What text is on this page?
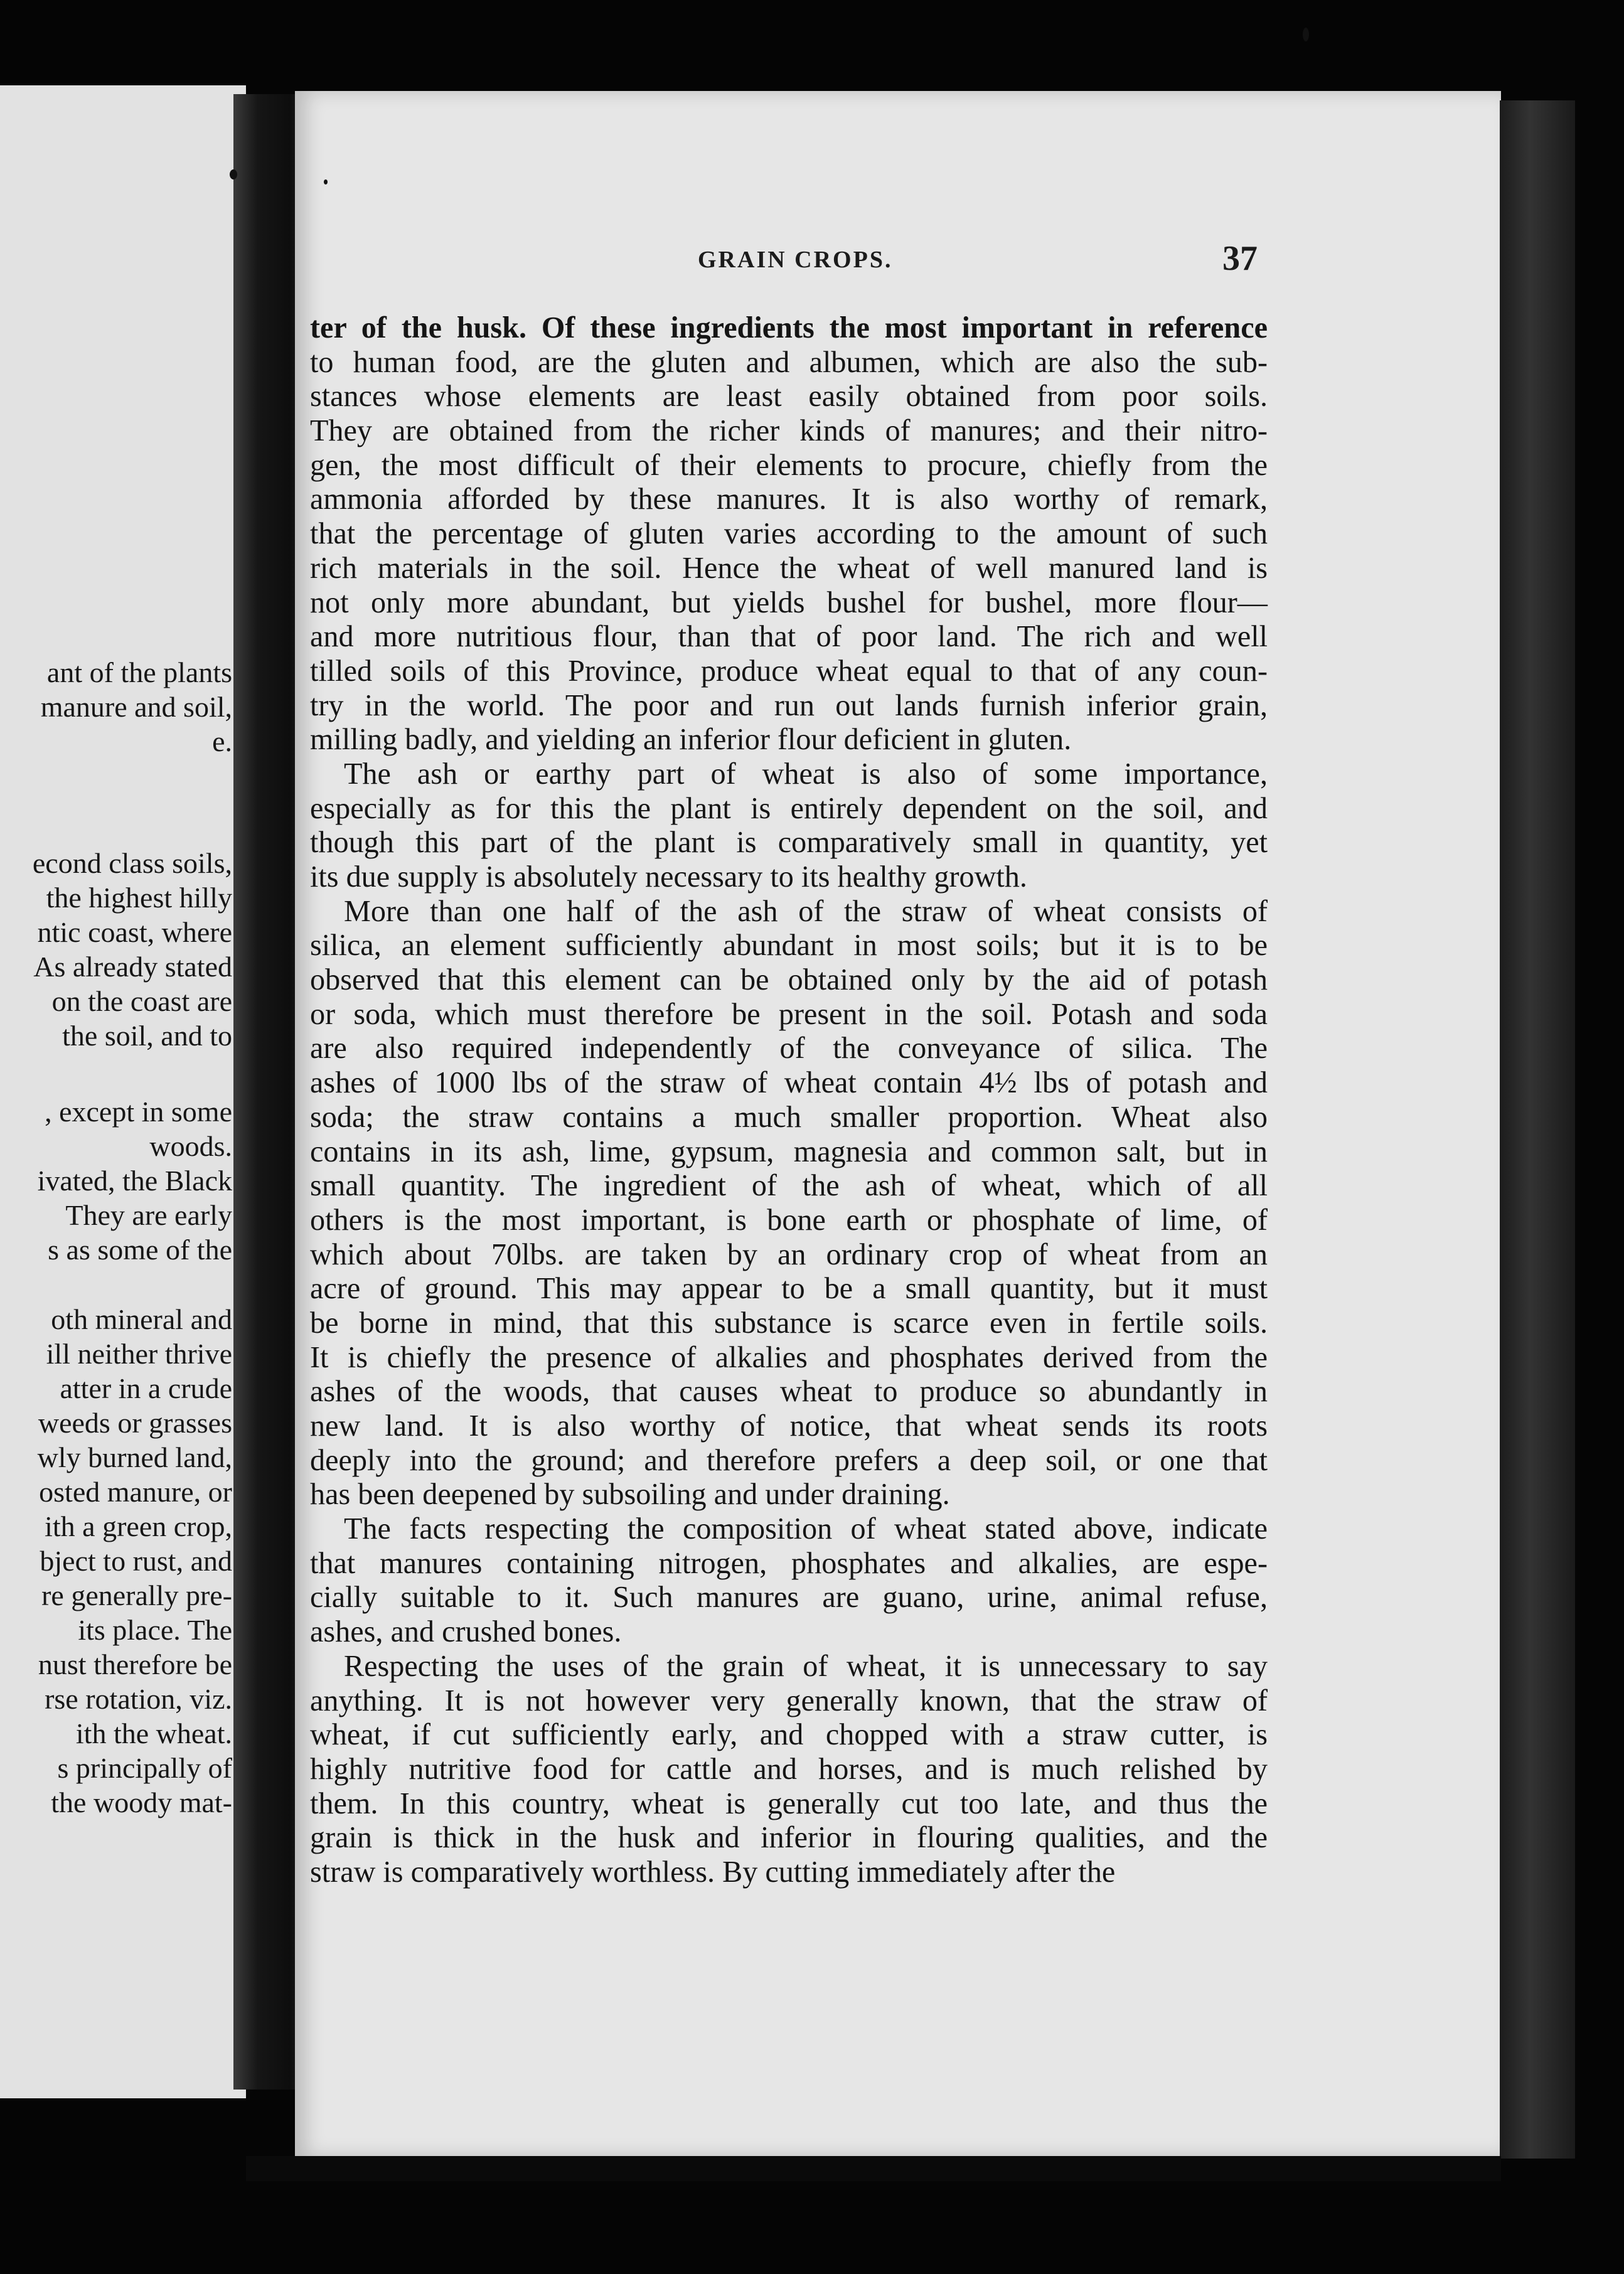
ant of the plants
manure and soil,
e.
econd class soils,
the highest hilly
ntic coast, where
As already stated
on the coast are
the soil, and to
, except in some
woods.
ivated, the Black
They are early
s as some of the
oth mineral and
ill neither thrive
atter in a crude
weeds or grasses
wly burned land,
osted manure, or
ith a green crop,
bject to rust, and
re generally pre-
its place. The
nust therefore be
rse rotation, viz.
ith the wheat.
s principally of
the woody mat-
GRAIN CROPS.	37
ter of the husk. Of these ingredients the most important in reference
to human food, are the gluten and albumen, which are also the sub-
stances whose elements are least easily obtained from poor soils.
They are obtained from the richer kinds of manures; and their nitro-
gen, the most difficult of their elements to procure, chiefly from the
ammonia afforded by these manures. It is also worthy of remark,
that the percentage of gluten varies according to the amount of such
rich materials in the soil. Hence the wheat of well manured land is
not only more abundant, but yields bushel for bushel, more flour—
and more nutritious flour, than that of poor land. The rich and well
tilled soils of this Province, produce wheat equal to that of any coun-
try in the world. The poor and run out lands furnish inferior grain,
milling badly, and yielding an inferior flour deficient in gluten.
The ash or earthy part of wheat is also of some importance,
especially as for this the plant is entirely dependent on the soil, and
though this part of the plant is comparatively small in quantity, yet
its due supply is absolutely necessary to its healthy growth.
More than one half of the ash of the straw of wheat consists of
silica, an element sufficiently abundant in most soils; but it is to be
observed that this element can be obtained only by the aid of potash
or soda, which must therefore be present in the soil. Potash and soda
are also required independently of the conveyance of silica. The
ashes of 1000 lbs of the straw of wheat contain 4½ lbs of potash and
soda; the straw contains a much smaller proportion. Wheat also
contains in its ash, lime, gypsum, magnesia and common salt, but in
small quantity. The ingredient of the ash of wheat, which of all
others is the most important, is bone earth or phosphate of lime, of
which about 70lbs. are taken by an ordinary crop of wheat from an
acre of ground. This may appear to be a small quantity, but it must
be borne in mind, that this substance is scarce even in fertile soils.
It is chiefly the presence of alkalies and phosphates derived from the
ashes of the woods, that causes wheat to produce so abundantly in
new land. It is also worthy of notice, that wheat sends its roots
deeply into the ground; and therefore prefers a deep soil, or one that
has been deepened by subsoiling and under draining.
The facts respecting the composition of wheat stated above, indicate
that manures containing nitrogen, phosphates and alkalies, are espe-
cially suitable to it. Such manures are guano, urine, animal refuse,
ashes, and crushed bones.
Respecting the uses of the grain of wheat, it is unnecessary to say
anything. It is not however very generally known, that the straw of
wheat, if cut sufficiently early, and chopped with a straw cutter, is
highly nutritive food for cattle and horses, and is much relished by
them. In this country, wheat is generally cut too late, and thus the
grain is thick in the husk and inferior in flouring qualities, and the
straw is comparatively worthless. By cutting immediately after the
